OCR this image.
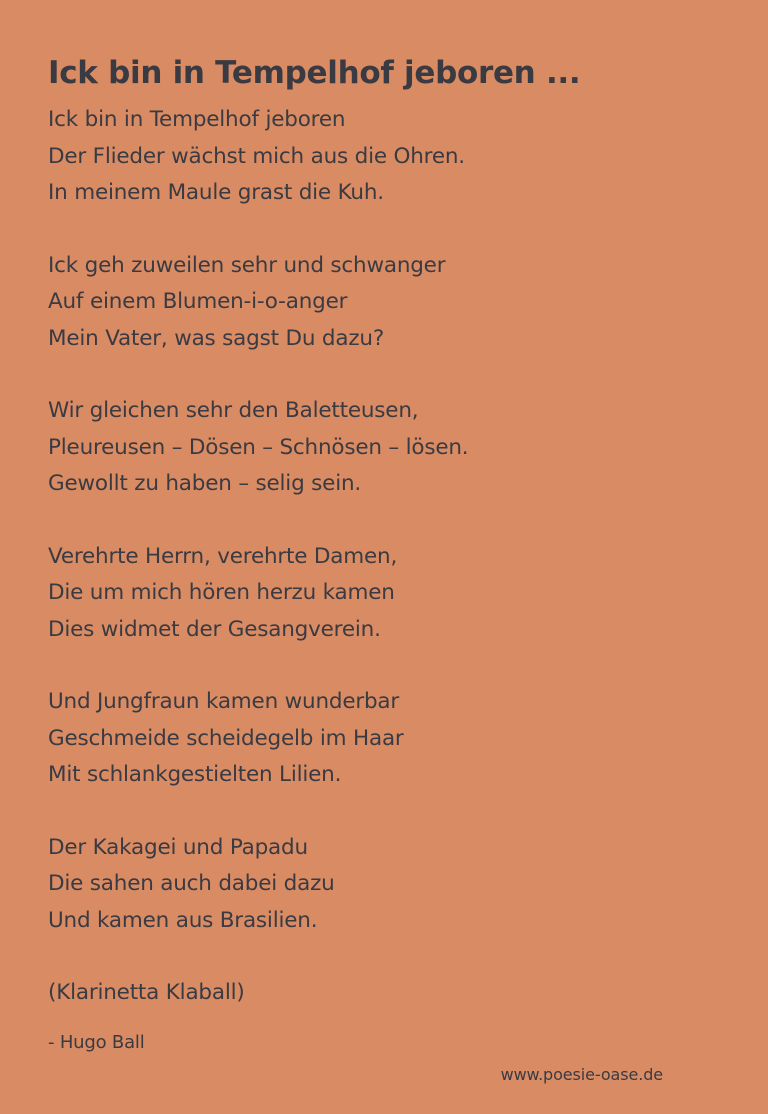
Ick bin in Tempelhof jeboren ...
Ick bin in Tempelhof jeboren
Der Flieder wächst mich aus die Ohren.
In meinem Maule grast die Kuh.
Ick geh zuweilen sehr und schwanger
Auf einem Blumen-i-o-anger
Mein Vater, was sagst Du dazu?
Wir gleichen sehr den Baletteusen,
Pleureusen – Dösen – Schnösen – lösen.
Gewollt zu haben – selig sein.
Verehrte Herrn, verehrte Damen,
Die um mich hören herzu kamen
Dies widmet der Gesangverein.
Und Jungfraun kamen wunderbar
Geschmeide scheidegelb im Haar
Mit schlankgestielten Lilien.
Der Kakagei und Papadu
Die sahen auch dabei dazu
Und kamen aus Brasilien.
(Klarinetta Klaball)
- Hugo Ball
www.poesie-oase.de
